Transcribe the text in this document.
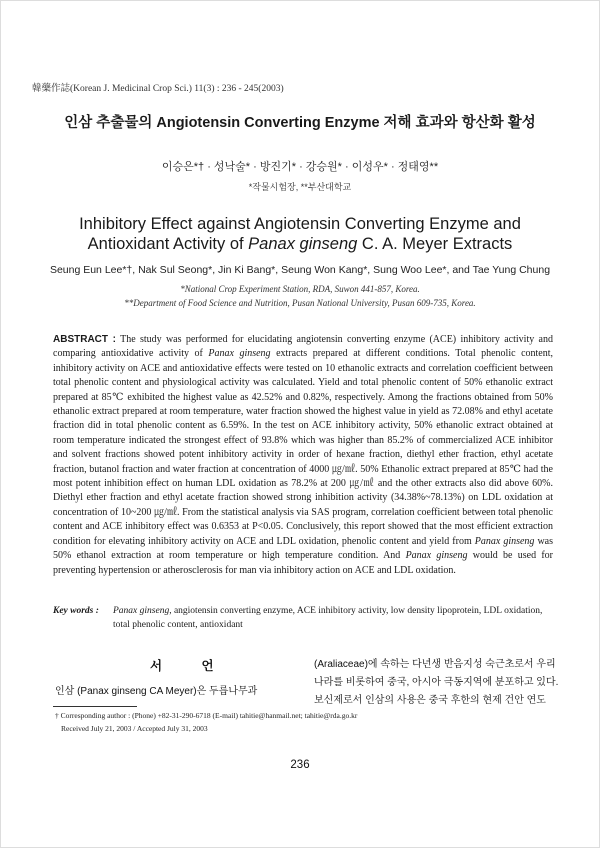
韓藥作誌(Korean J. Medicinal Crop Sci.) 11(3) : 236 - 245(2003)
인삼 추출물의 Angiotensin Converting Enzyme 저해 효과와 항산화 활성
이승은*† · 성낙술* · 방진기* · 강승원* · 이성우* · 정태영**
*작물시험장, **부산대학교
Inhibitory Effect against Angiotensin Converting Enzyme and
Antioxidant Activity of Panax ginseng C. A. Meyer Extracts
Seung Eun Lee*†, Nak Sul Seong*, Jin Ki Bang*, Seung Won Kang*, Sung Woo Lee*, and Tae Yung Chung
*National Crop Experiment Station, RDA, Suwon 441-857, Korea.
**Department of Food Science and Nutrition, Pusan National University, Pusan 609-735, Korea.
ABSTRACT : The study was performed for elucidating angiotensin converting enzyme (ACE) inhibitory activity and comparing antioxidative activity of Panax ginseng extracts prepared at different conditions. Total phenolic content, inhibitory activity on ACE and antioxidative effects were tested on 10 ethanolic extracts and correlation coefficient between total phenolic content and physiological activity was calculated. Yield and total phenolic content of 50% ethanolic extract prepared at 85℃ exhibited the highest value as 42.52% and 0.82%, respectively. Among the fractions obtained from 50% ethanolic extract prepared at room temperature, water fraction showed the highest value in yield as 72.08% and ethyl acetate fraction did in total phenolic content as 6.59%. In the test on ACE inhibitory activity, 50% ethanolic extract obtained at room temperature indicated the strongest effect of 93.8% which was higher than 85.2% of commercialized ACE inhibitor and solvent fractions showed potent inhibitory activity in order of hexane fraction, diethyl ether fraction, ethyl acetate fraction, butanol fraction and water fraction at concentration of 4000 ㎍/㎖. 50% Ethanolic extract prepared at 85℃ had the most potent inhibition effect on human LDL oxidation as 78.2% at 200 ㎍/㎖ and the other extracts also did above 60%. Diethyl ether fraction and ethyl acetate fraction showed strong inhibition activity (34.38%~78.13%) on LDL oxidation at concentration of 10~200 ㎍/㎖. From the statistical analysis via SAS program, correlation coefficient between total phenolic content and ACE inhibitory effect was 0.6353 at P<0.05. Conclusively, this report showed that the most efficient extraction condition for elevating inhibitory activity on ACE and LDL oxidation, phenolic content and yield from Panax ginseng was 50% ethanol extraction at room temperature or high temperature condition. And Panax ginseng would be used for preventing hypertension or atherosclerosis for man via inhibitory action on ACE and LDL oxidation.
Key words : Panax ginseng, angiotensin converting enzyme, ACE inhibitory activity, low density lipoprotein, LDL oxidation, total phenolic content, antioxidant
서 언
인삼 (Panax ginseng CA Meyer)은 두릅나무과
(Araliaceae)에 속하는 다년생 반음지성 숙근초로서 우리
나라를 비롯하여 중국, 아시아 극동지역에 분포하고 있다.
보신제로서 인삼의 사용은 중국 후한의 현제 건안 연도
† Corresponding author : (Phone) +82-31-290-6718 (E-mail) tahitie@hanmail.net; tahitie@rda.go.kr
Received July 21, 2003 / Accepted July 31, 2003
236
